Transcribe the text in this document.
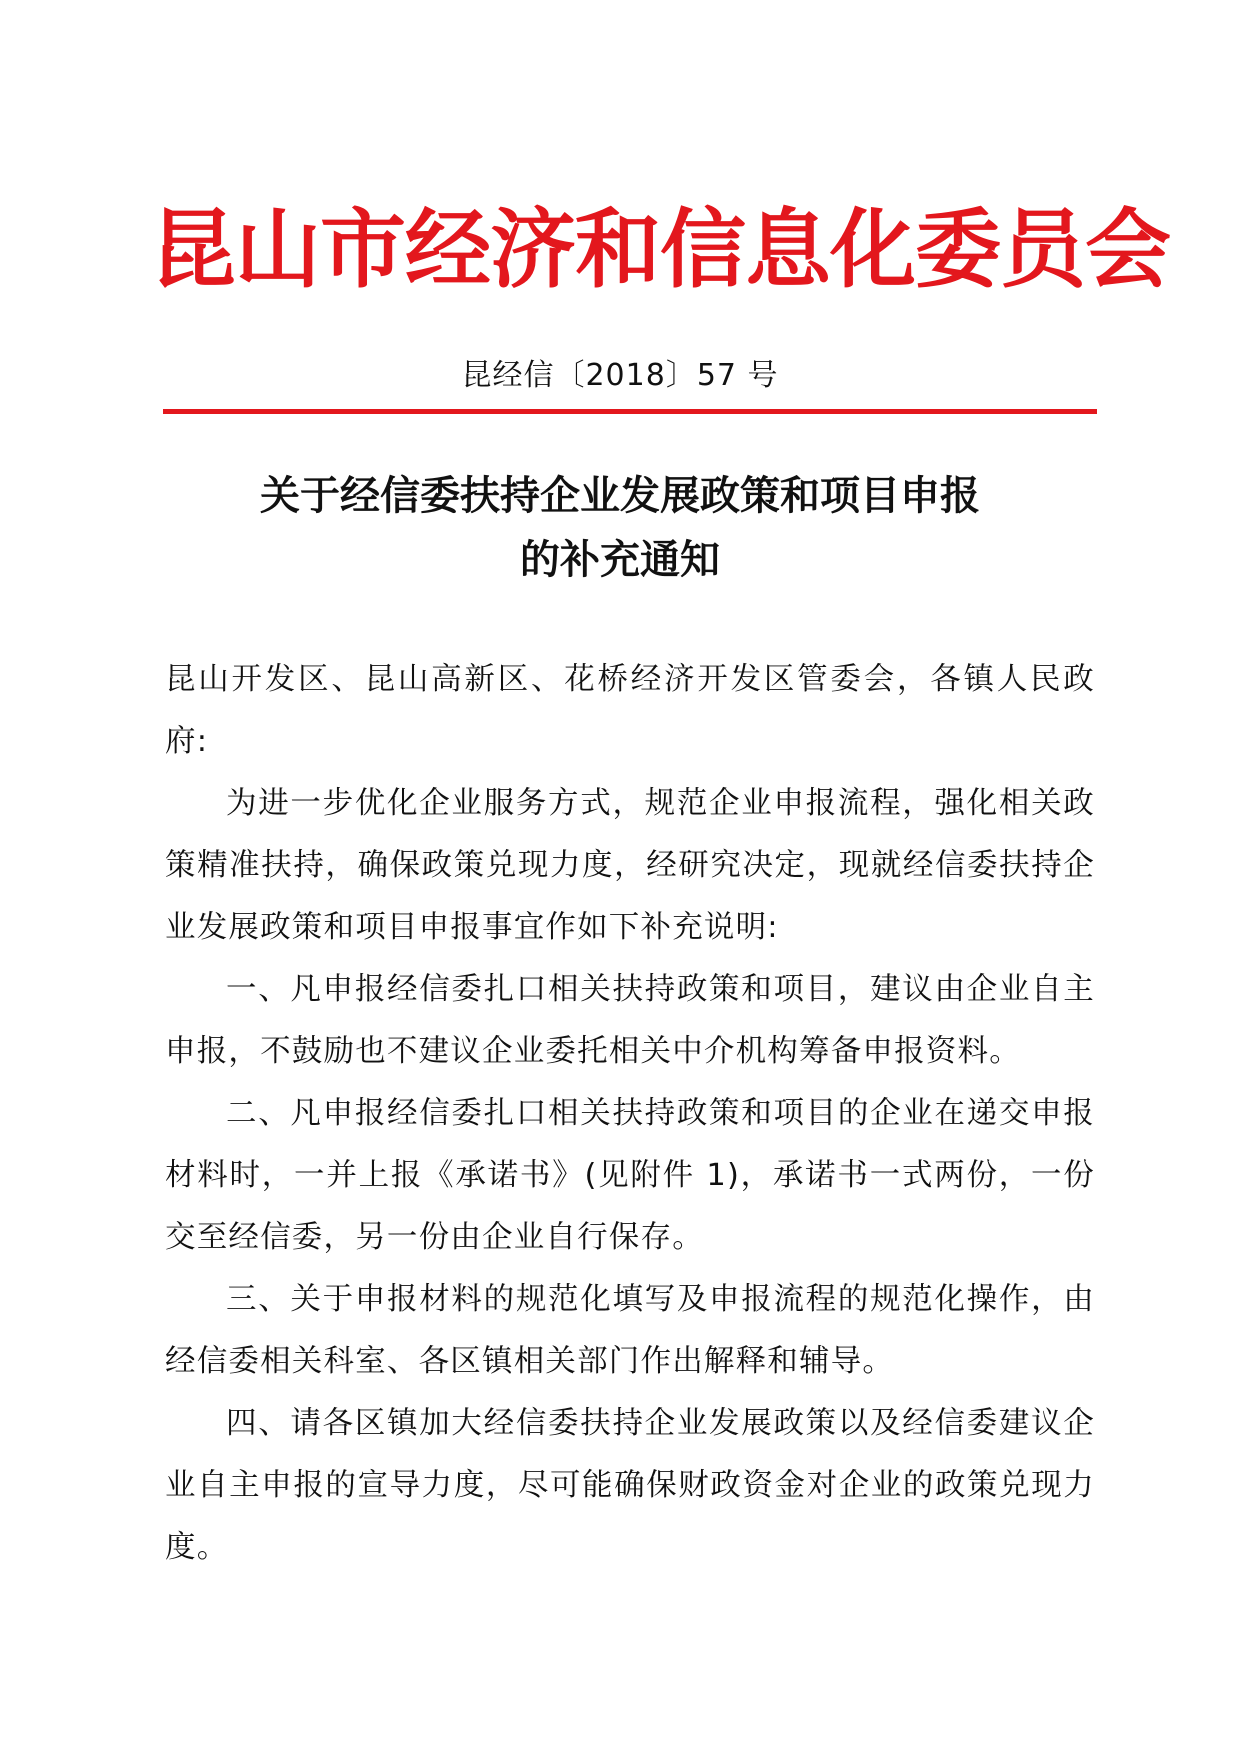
昆山市经济和信息化委员会
昆经信〔2018〕57 号
关于经信委扶持企业发展政策和项目申报
的补充通知

昆山开发区、昆山高新区、花桥经济开发区管委会，各镇人民政府:

为进一步优化企业服务方式，规范企业申报流程，强化相关政策精准扶持，确保政策兑现力度，经研究决定，现就经信委扶持企业发展政策和项目申报事宜作如下补充说明:

一、凡申报经信委扎口相关扶持政策和项目，建议由企业自主申报，不鼓励也不建议企业委托相关中介机构筹备申报资料。

二、凡申报经信委扎口相关扶持政策和项目的企业在递交申报材料时，一并上报《承诺书》(见附件 1)，承诺书一式两份，一份交至经信委，另一份由企业自行保存。

三、关于申报材料的规范化填写及申报流程的规范化操作，由经信委相关科室、各区镇相关部门作出解释和辅导。

四、请各区镇加大经信委扶持企业发展政策以及经信委建议企业自主申报的宣导力度，尽可能确保财政资金对企业的政策兑现力度。
